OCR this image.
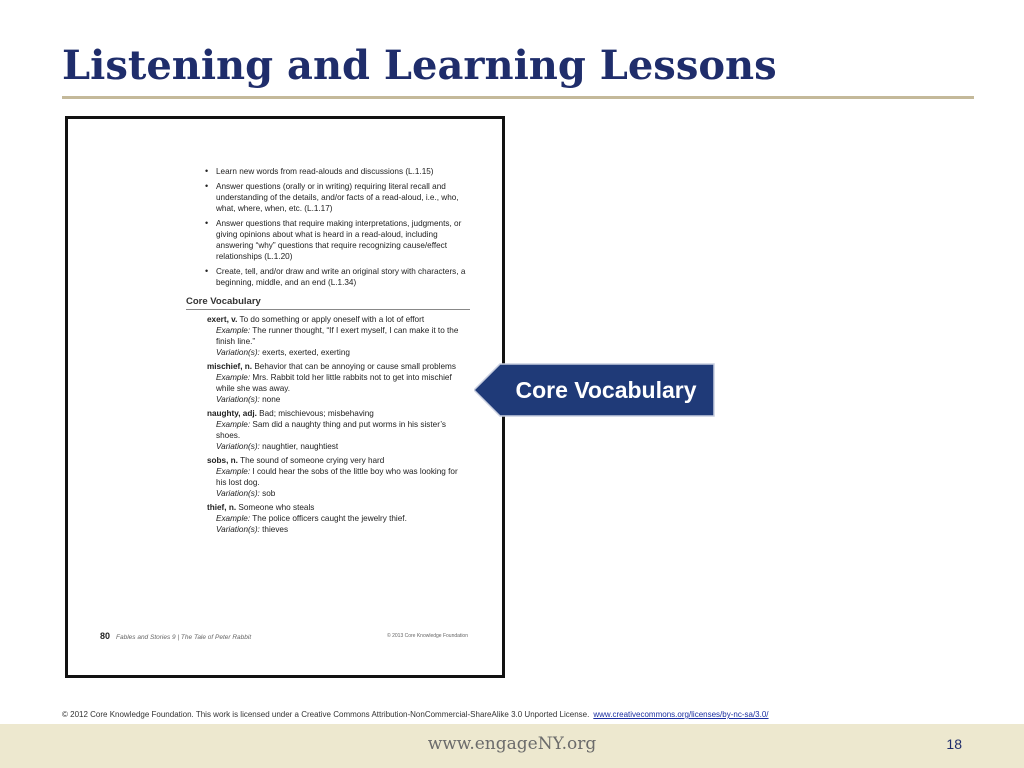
Listening and Learning Lessons
• Learn new words from read-alouds and discussions (L.1.15)
• Answer questions (orally or in writing) requiring literal recall and understanding of the details, and/or facts of a read-aloud, i.e., who, what, where, when, etc. (L.1.17)
• Answer questions that require making interpretations, judgments, or giving opinions about what is heard in a read-aloud, including answering “why” questions that require recognizing cause/effect relationships (L.1.20)
• Create, tell, and/or draw and write an original story with characters, a beginning, middle, and an end (L.1.34)
Core Vocabulary
exert, v. To do something or apply oneself with a lot of effort
Example: The runner thought, “If I exert myself, I can make it to the finish line.”
Variation(s): exerts, exerted, exerting
mischief, n. Behavior that can be annoying or cause small problems
Example: Mrs. Rabbit told her little rabbits not to get into mischief while she was away.
Variation(s): none
naughty, adj. Bad; mischievous; misbehaving
Example: Sam did a naughty thing and put worms in his sister’s shoes.
Variation(s): naughtier, naughtiest
sobs, n. The sound of someone crying very hard
Example: I could hear the sobs of the little boy who was looking for his lost dog.
Variation(s): sob
thief, n. Someone who steals
Example: The police officers caught the jewelry thief.
Variation(s): thieves
80 Fables and Stories 9 | The Tale of Peter Rabbit	© 2013 Core Knowledge Foundation
Core Vocabulary
© 2012 Core Knowledge Foundation. This work is licensed under a Creative Commons Attribution-NonCommercial-ShareAlike 3.0 Unported License. www.creativecommons.org/licenses/by-nc-sa/3.0/
www.engageNY.org	18
